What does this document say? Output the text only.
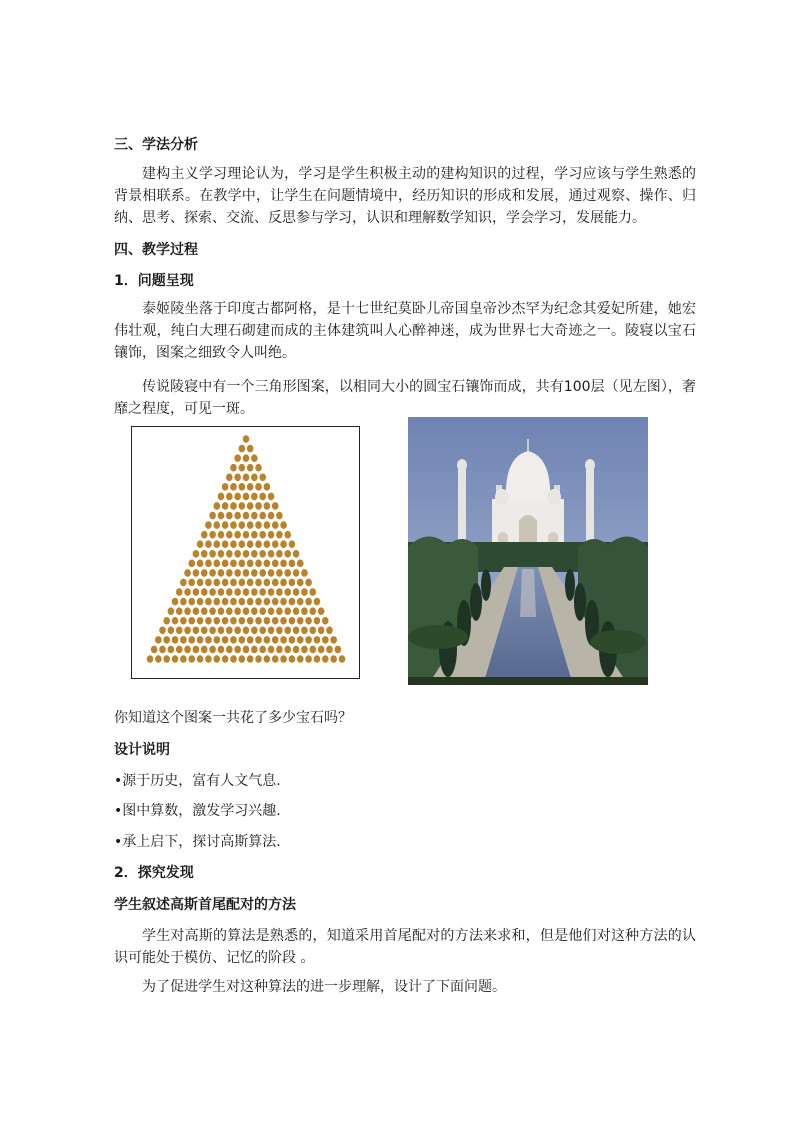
三、学法分析
建构主义学习理论认为，学习是学生积极主动的建构知识的过程，学习应该与学生熟悉的背景相联系。在教学中，让学生在问题情境中，经历知识的形成和发展，通过观察、操作、归纳、思考、探索、交流、反思参与学习，认识和理解数学知识，学会学习，发展能力。
四、教学过程
1．问题呈现
泰姬陵坐落于印度古都阿格，是十七世纪莫卧儿帝国皇帝沙杰罕为纪念其爱妃所建，她宏伟壮观，纯白大理石砌建而成的主体建筑叫人心醉神迷，成为世界七大奇迹之一。陵寝以宝石镶饰，图案之细致令人叫绝。
传说陵寝中有一个三角形图案，以相同大小的圆宝石镶饰而成，共有100层（见左图），奢靡之程度，可见一斑。
你知道这个图案一共花了多少宝石吗？
设计说明
•源于历史，富有人文气息.
•图中算数，激发学习兴趣.
•承上启下，探讨高斯算法.
2．探究发现
学生叙述高斯首尾配对的方法
学生对高斯的算法是熟悉的，知道采用首尾配对的方法来求和，但是他们对这种方法的认识可能处于模仿、记忆的阶段 。
为了促进学生对这种算法的进一步理解，设计了下面问题。
